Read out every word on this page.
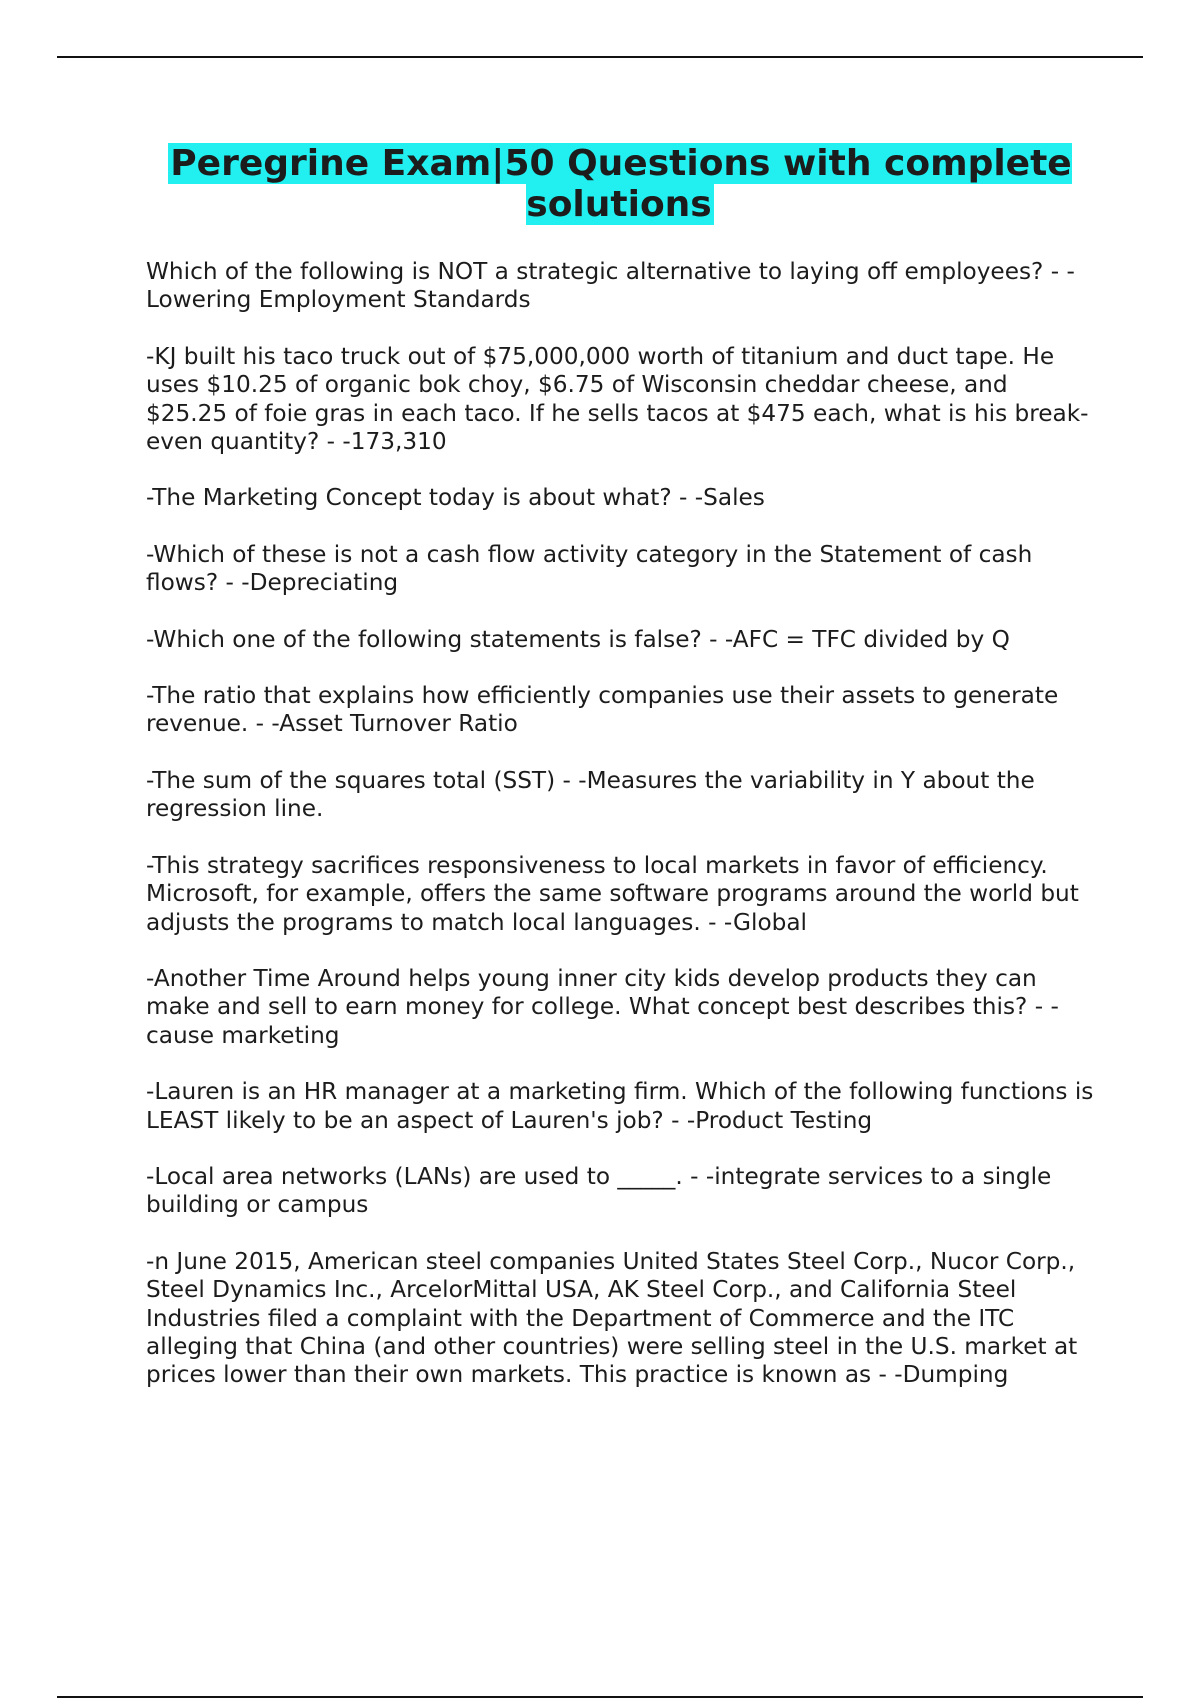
Peregrine Exam|50 Questions with complete solutions

Which of the following is NOT a strategic alternative to laying off employees? --Lowering Employment Standards

-KJ built his taco truck out of $75,000,000 worth of titanium and duct tape. He uses $10.25 of organic bok choy, $6.75 of Wisconsin cheddar cheese, and $25.25 of foie gras in each taco. If he sells tacos at $475 each, what is his break-even quantity? --173,310

-The Marketing Concept today is about what? --Sales

-Which of these is not a cash flow activity category in the Statement of cash flows? --Depreciating

-Which one of the following statements is false? --AFC = TFC divided by Q

-The ratio that explains how efficiently companies use their assets to generate revenue. --Asset Turnover Ratio

-The sum of the squares total (SST) --Measures the variability in Y about the regression line.

-This strategy sacrifices responsiveness to local markets in favor of efficiency. Microsoft, for example, offers the same software programs around the world but adjusts the programs to match local languages. --Global

-Another Time Around helps young inner city kids develop products they can make and sell to earn money for college. What concept best describes this? --cause marketing

-Lauren is an HR manager at a marketing firm. Which of the following functions is LEAST likely to be an aspect of Lauren's job? --Product Testing

-Local area networks (LANs) are used to _____. --integrate services to a single building or campus

-n June 2015, American steel companies United States Steel Corp., Nucor Corp., Steel Dynamics Inc., ArcelorMittal USA, AK Steel Corp., and California Steel Industries filed a complaint with the Department of Commerce and the ITC alleging that China (and other countries) were selling steel in the U.S. market at prices lower than their own markets. This practice is known as --Dumping
